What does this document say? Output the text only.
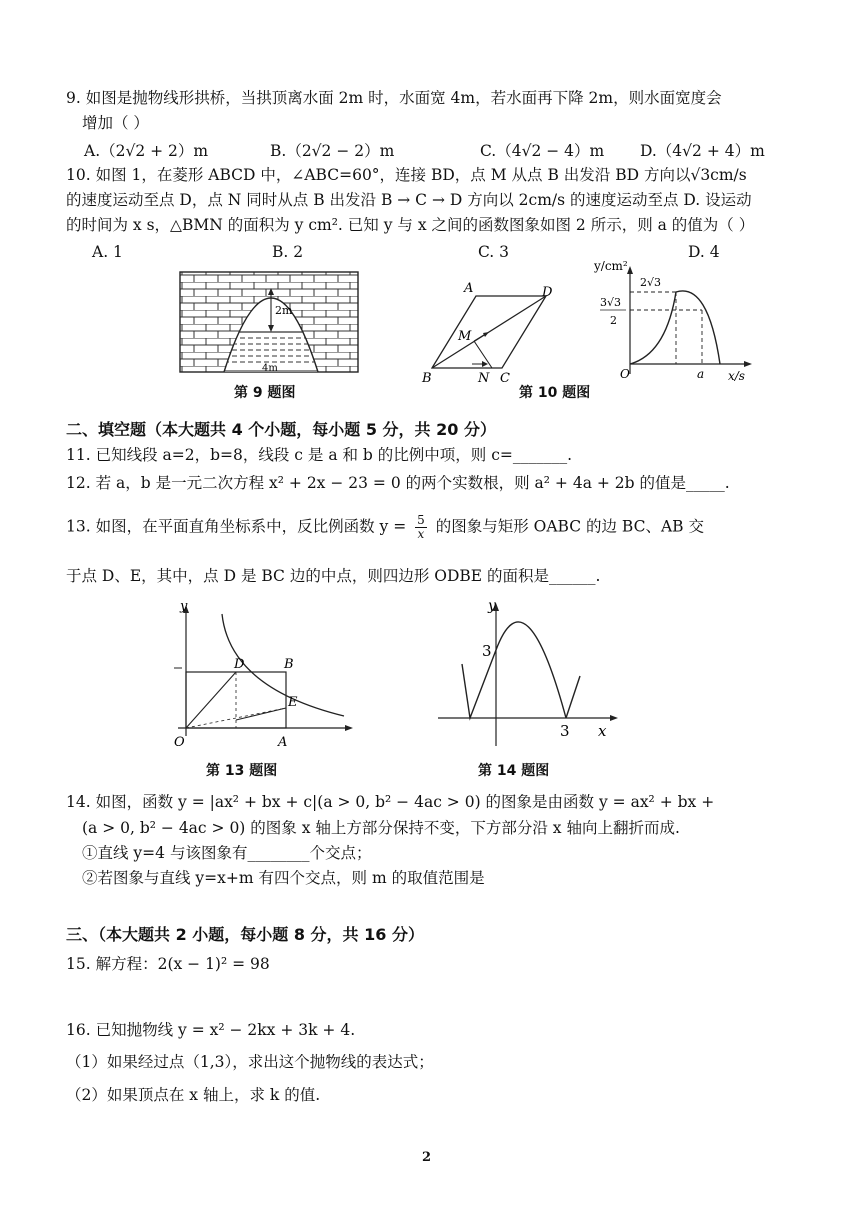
9. 如图是抛物线形拱桥，当拱顶离水面 2m 时，水面宽 4m，若水面再下降 2m，则水面宽度会
增加（ ）
A.（2√2 + 2）m	B.（2√2 − 2）m	C.（4√2 − 4）m D.（4√2 + 4）m
10. 如图 1，在菱形 ABCD 中，∠ABC=60°，连接 BD，点 M 从点 B 出发沿 BD 方向以√3cm/s
的速度运动至点 D，点 N 同时从点 B 出发沿 B → C → D 方向以 2cm/s 的速度运动至点 D. 设运动
的时间为 x s，△BMN 的面积为 y cm². 已知 y 与 x 之间的函数图象如图 2 所示，则 a 的值为（ ）
A. 1	B. 2	C. 3	D. 4
2m
4m
第 9 题图
A	D
B	C
M
N
第 10 题图
y/cm²
2√3
3√3
2
O	a x/s
二、填空题（本大题共 4 个小题，每小题 5 分，共 20 分）
11. 已知线段 a=2，b=8，线段 c 是 a 和 b 的比例中项，则 c=_______.
12. 若 a，b 是一元二次方程 x² + 2x − 23 = 0 的两个实数根，则 a² + 4a + 2b 的值是_____.
13. 如图，在平面直角坐标系中，反比例函数 $y = \frac{5}{x}$ 的图象与矩形 OABC 的边 BC、AB 交
于点 D、E，其中，点 D 是 BC 边的中点，则四边形 ODBE 的面积是______.
y
D	B
E
O	A
第 13 题图
y
3
3 x
第 14 题图
14. 如图，函数 y = |ax² + bx + c|(a > 0, b² − 4ac > 0) 的图象是由函数 y = ax² + bx +
(a > 0, b² − 4ac > 0) 的图象 x 轴上方部分保持不变，下方部分沿 x 轴向上翻折而成.
①直线 y=4 与该图象有________个交点；
②若图象与直线 y=x+m 有四个交点，则 m 的取值范围是
三、（本大题共 2 小题，每小题 8 分，共 16 分）
15. 解方程：2(x − 1)² = 98
16. 已知抛物线 y = x² − 2kx + 3k + 4.
（1）如果经过点（1,3），求出这个抛物线的表达式；
（2）如果顶点在 x 轴上，求 k 的值.
2
